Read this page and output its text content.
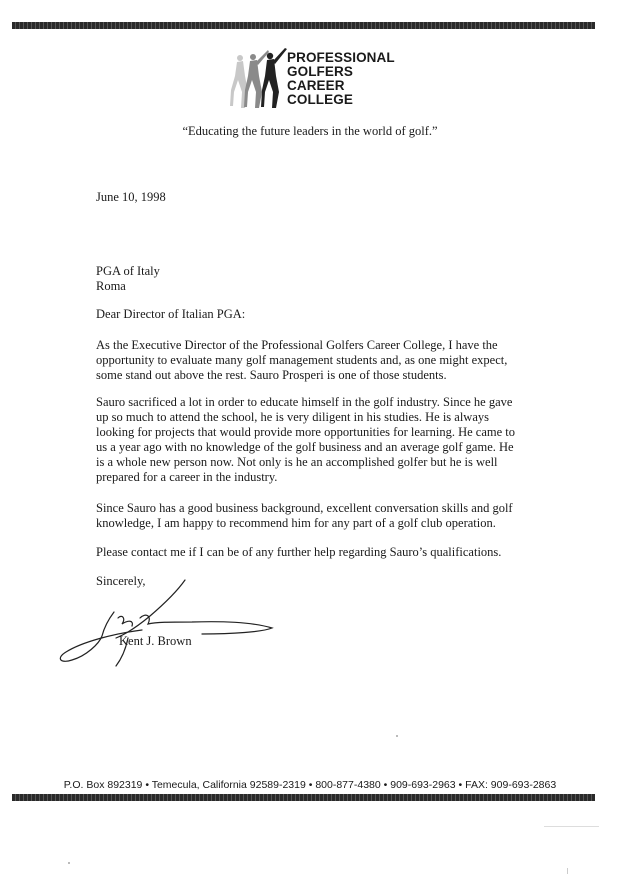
PROFESSIONAL
GOLFERS
CAREER
COLLEGE
“Educating the future leaders in the world of golf.”
June 10, 1998
PGA of Italy
Roma
Dear Director of Italian PGA:
As the Executive Director of the Professional Golfers Career College, I have the opportunity to evaluate many golf management students and, as one might expect, some stand out above the rest. Sauro Prosperi is one of those students.
Sauro sacrificed a lot in order to educate himself in the golf industry. Since he gave up so much to attend the school, he is very diligent in his studies. He is always looking for projects that would provide more opportunities for learning. He came to us a year ago with no knowledge of the golf business and an average golf game. He is a whole new person now. Not only is he an accomplished golfer but he is well prepared for a career in the industry.
Since Sauro has a good business background, excellent conversation skills and golf knowledge, I am happy to recommend him for any part of a golf club operation.
Please contact me if I can be of any further help regarding Sauro’s qualifications.
Sincerely,
Kent J. Brown
P.O. Box 892319 • Temecula, California 92589-2319 • 800-877-4380 • 909-693-2963 • FAX: 909-693-2863
